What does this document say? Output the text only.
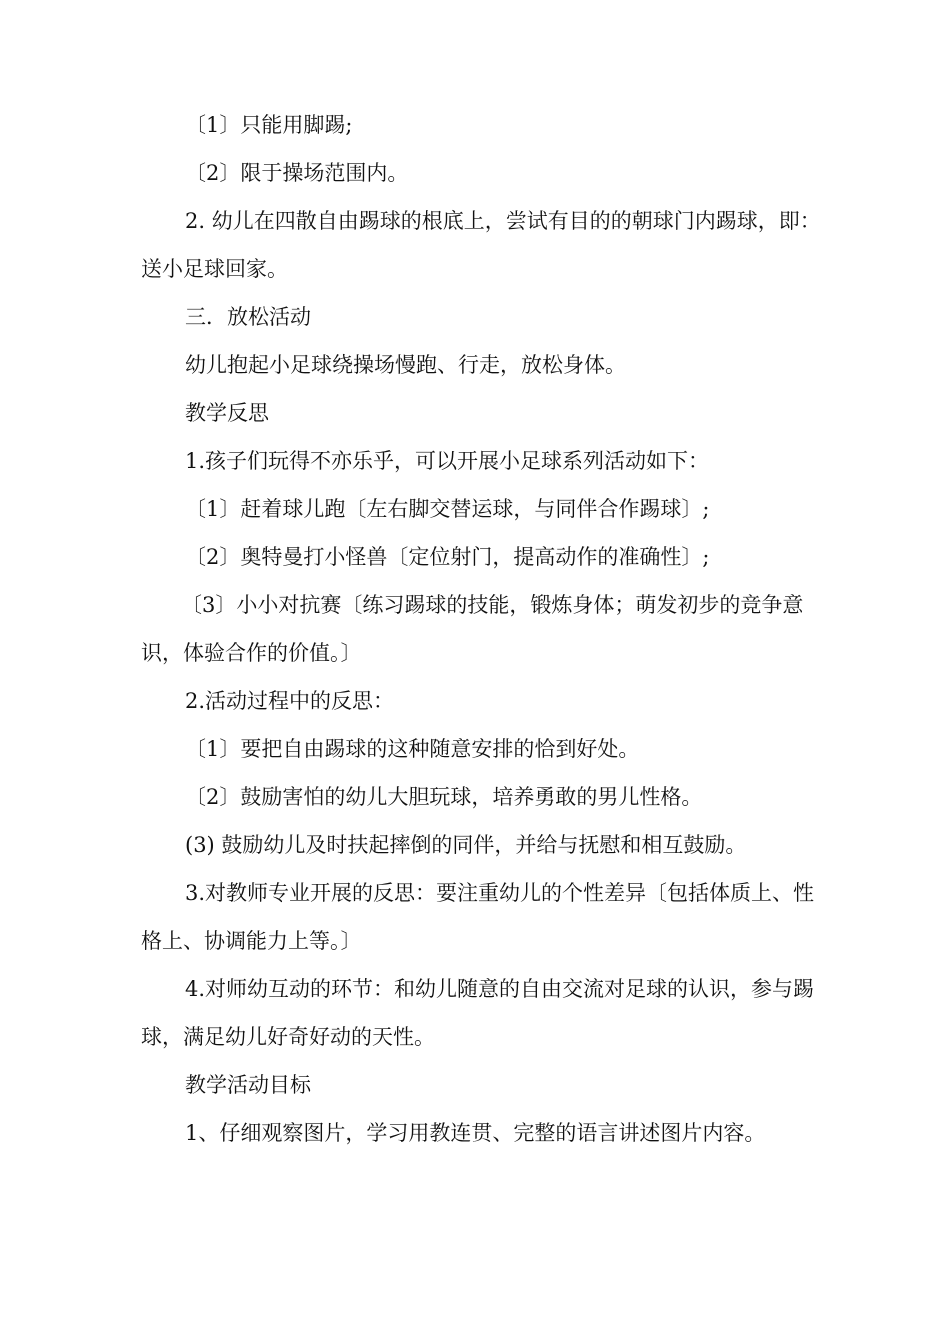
〔1〕只能用脚踢;

〔2〕限于操场范围内。

2. 幼儿在四散自由踢球的根底上，尝试有目的的朝球门内踢球，即：送小足球回家。

三．放松活动

幼儿抱起小足球绕操场慢跑、行走，放松身体。

教学反思

1.孩子们玩得不亦乐乎，可以开展小足球系列活动如下：

〔1〕赶着球儿跑〔左右脚交替运球，与同伴合作踢球〕;

〔2〕奥特曼打小怪兽〔定位射门，提高动作的准确性〕;

〔3〕小小对抗赛〔练习踢球的技能，锻炼身体；萌发初步的竞争意识，体验合作的价值。〕

2.活动过程中的反思：

〔1〕要把自由踢球的这种随意安排的恰到好处。

〔2〕鼓励害怕的幼儿大胆玩球，培养勇敢的男儿性格。

(3) 鼓励幼儿及时扶起摔倒的同伴，并给与抚慰和相互鼓励。

3.对教师专业开展的反思：要注重幼儿的个性差异〔包括体质上、性格上、协调能力上等。〕

4.对师幼互动的环节：和幼儿随意的自由交流对足球的认识，参与踢球，满足幼儿好奇好动的天性。

教学活动目标

1、仔细观察图片，学习用教连贯、完整的语言讲述图片内容。
